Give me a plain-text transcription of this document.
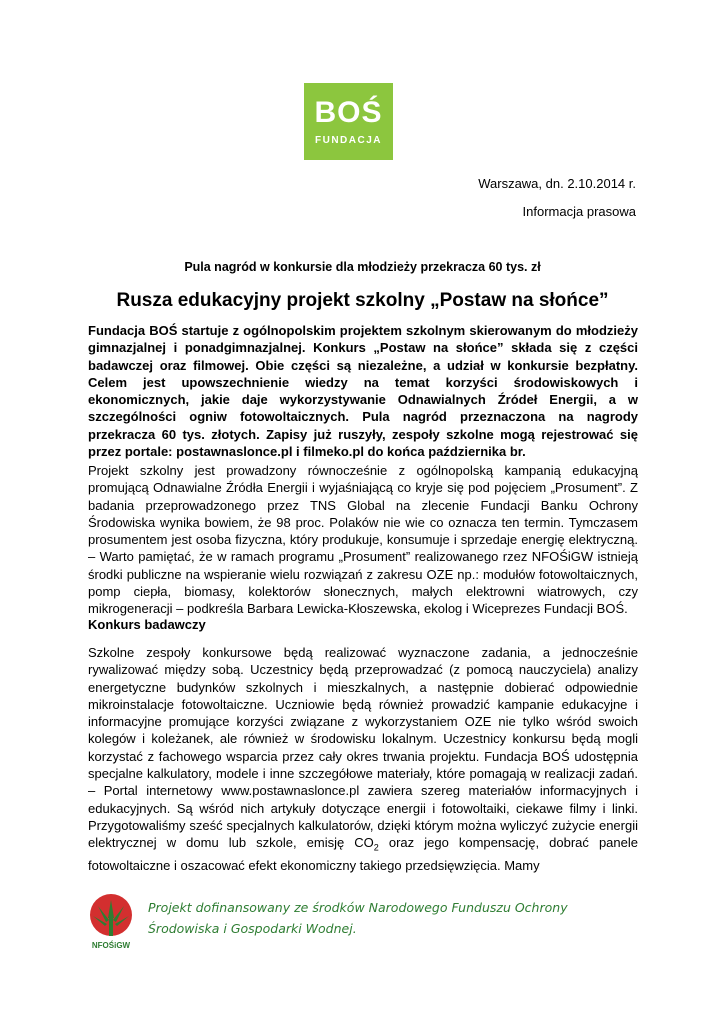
BOŚ
FUNDACJA
Warszawa, dn. 2.10.2014 r.
Informacja prasowa
Pula nagród w konkursie dla młodzieży przekracza 60 tys. zł
Rusza edukacyjny projekt szkolny „Postaw na słońce”

Fundacja BOŚ startuje z ogólnopolskim projektem szkolnym skierowanym do młodzieży gimnazjalnej i ponadgimnazjalnej. Konkurs „Postaw na słońce” składa się z części badawczej oraz filmowej. Obie części są niezależne, a udział w konkursie bezpłatny. Celem jest upowszechnienie wiedzy na temat korzyści środowiskowych i ekonomicznych, jakie daje wykorzystywanie Odnawialnych Źródeł Energii, a w szczególności ogniw fotowoltaicznych. Pula nagród przeznaczona na nagrody przekracza 60 tys. złotych. Zapisy już ruszyły, zespoły szkolne mogą rejestrować się przez portale: postawnaslonce.pl i filmeko.pl do końca października br.

Projekt szkolny jest prowadzony równocześnie z ogólnopolską kampanią edukacyjną promującą Odnawialne Źródła Energii i wyjaśniającą co kryje się pod pojęciem „Prosument”. Z badania przeprowadzonego przez TNS Global na zlecenie Fundacji Banku Ochrony Środowiska wynika bowiem, że 98 proc. Polaków nie wie co oznacza ten termin. Tymczasem prosumentem jest osoba fizyczna, który produkuje, konsumuje i sprzedaje energię elektryczną. – Warto pamiętać, że w ramach programu „Prosument” realizowanego rzez NFOŚiGW istnieją środki publiczne na wspieranie wielu rozwiązań z zakresu OZE np.: modułów fotowoltaicznych, pomp ciepła, biomasy, kolektorów słonecznych, małych elektrowni wiatrowych, czy mikrogeneracji – podkreśla Barbara Lewicka-Kłoszewska, ekolog i Wiceprezes Fundacji BOŚ.

Konkurs badawczy

Szkolne zespoły konkursowe będą realizować wyznaczone zadania, a jednocześnie rywalizować między sobą. Uczestnicy będą przeprowadzać (z pomocą nauczyciela) analizy energetyczne budynków szkolnych i mieszkalnych, a następnie dobierać odpowiednie mikroinstalacje fotowoltaiczne. Uczniowie będą również prowadzić kampanie edukacyjne i informacyjne promujące korzyści związane z wykorzystaniem OZE nie tylko wśród swoich kolegów i koleżanek, ale również w środowisku lokalnym. Uczestnicy konkursu będą mogli korzystać z fachowego wsparcia przez cały okres trwania projektu. Fundacja BOŚ udostępnia specjalne kalkulatory, modele i inne szczegółowe materiały, które pomagają w realizacji zadań. – Portal internetowy www.postawnaslonce.pl zawiera szereg materiałów informacyjnych i edukacyjnych. Są wśród nich artykuły dotyczące energii i fotowoltaiki, ciekawe filmy i linki. Przygotowaliśmy sześć specjalnych kalkulatorów, dzięki którym można wyliczyć zużycie energii elektrycznej w domu lub szkole, emisję $CO_2$ oraz jego kompensację, dobrać panele fotowoltaiczne i oszacować efekt ekonomiczny takiego przedsięwzięcia. Mamy

NFOŚiGW
Projekt dofinansowany ze środków Narodowego Funduszu Ochrony Środowiska i Gospodarki Wodnej.
